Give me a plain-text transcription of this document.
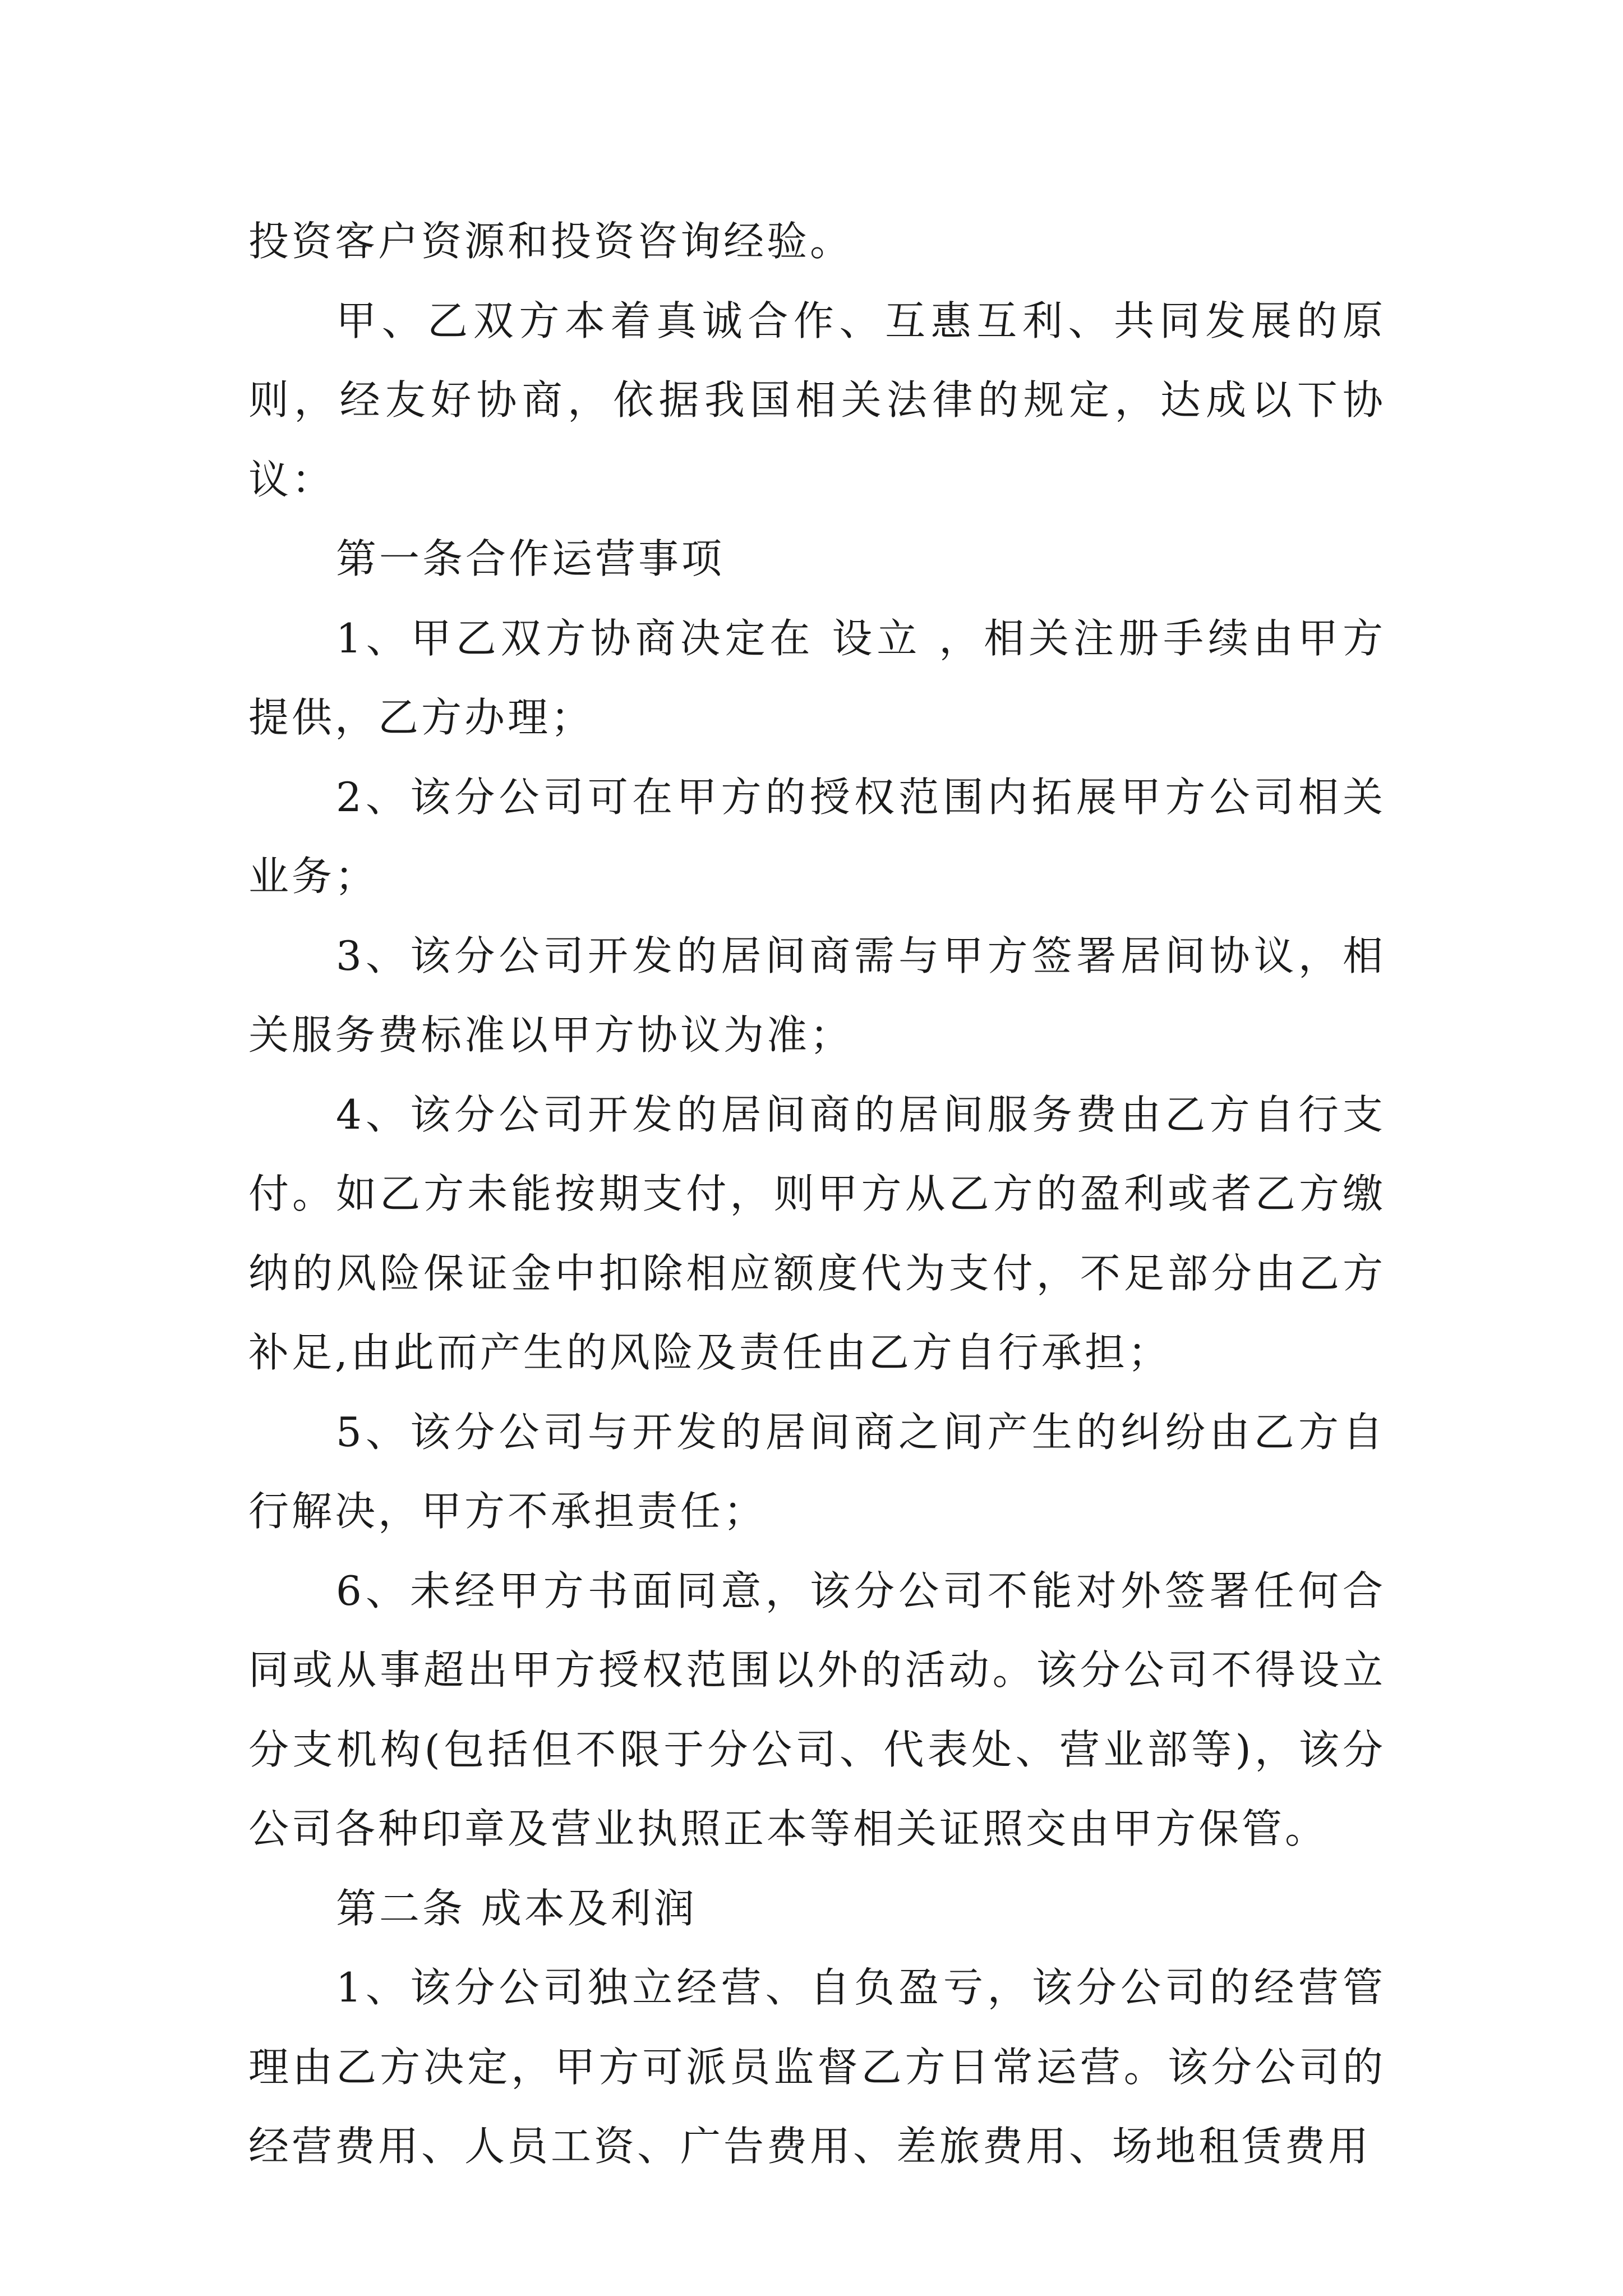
投资客户资源和投资咨询经验。

甲、乙双方本着真诚合作、互惠互利、共同发展的原则，经友好协商，依据我国相关法律的规定，达成以下协议：

第一条合作运营事项

1、甲乙双方协商决定在 设立 ，相关注册手续由甲方提供，乙方办理；

2、该分公司可在甲方的授权范围内拓展甲方公司相关业务；

3、该分公司开发的居间商需与甲方签署居间协议，相关服务费标准以甲方协议为准；

4、该分公司开发的居间商的居间服务费由乙方自行支付。如乙方未能按期支付，则甲方从乙方的盈利或者乙方缴纳的风险保证金中扣除相应额度代为支付，不足部分由乙方补足,由此而产生的风险及责任由乙方自行承担；

5、该分公司与开发的居间商之间产生的纠纷由乙方自行解决，甲方不承担责任；

6、未经甲方书面同意，该分公司不能对外签署任何合同或从事超出甲方授权范围以外的活动。该分公司不得设立分支机构(包括但不限于分公司、代表处、营业部等)，该分公司各种印章及营业执照正本等相关证照交由甲方保管。

第二条 成本及利润

1、该分公司独立经营、自负盈亏，该分公司的经营管理由乙方决定，甲方可派员监督乙方日常运营。该分公司的经营费用、人员工资、广告费用、差旅费用、场地租赁费用
